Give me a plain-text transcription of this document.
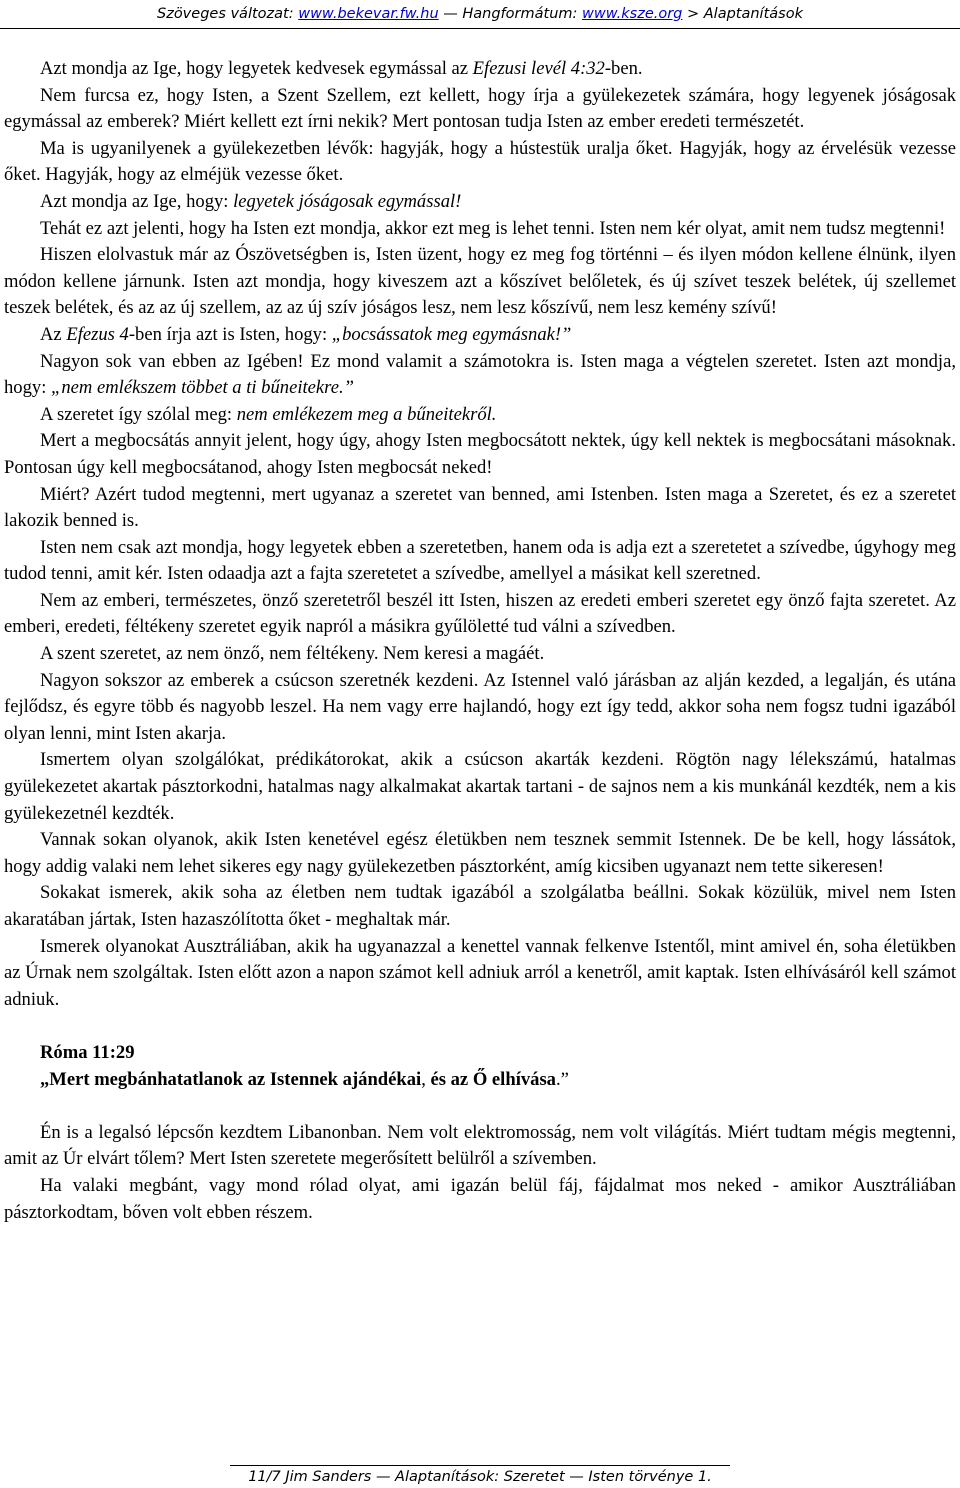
Szöveges változat: www.bekevar.fw.hu — Hangformátum: www.ksze.org > Alaptanítások

Azt mondja az Ige, hogy legyetek kedvesek egymással az Efezusi levél 4:32-ben.

Nem furcsa ez, hogy Isten, a Szent Szellem, ezt kellett, hogy írja a gyülekezetek számára, hogy legyenek jóságosak egymással az emberek? Miért kellett ezt írni nekik? Mert pontosan tudja Isten az ember eredeti természetét.

Ma is ugyanilyenek a gyülekezetben lévők: hagyják, hogy a hústestük uralja őket. Hagyják, hogy az érvelésük vezesse őket. Hagyják, hogy az elméjük vezesse őket.

Azt mondja az Ige, hogy: legyetek jóságosak egymással!

Tehát ez azt jelenti, hogy ha Isten ezt mondja, akkor ezt meg is lehet tenni. Isten nem kér olyat, amit nem tudsz megtenni!

Hiszen elolvastuk már az Ószövetségben is, Isten üzent, hogy ez meg fog történni – és ilyen módon kellene élnünk, ilyen módon kellene járnunk. Isten azt mondja, hogy kiveszem azt a kőszívet belőletek, és új szívet teszek belétek, új szellemet teszek belétek, és az az új szellem, az az új szív jóságos lesz, nem lesz kőszívű, nem lesz kemény szívű!

Az Efezus 4-ben írja azt is Isten, hogy: „bocsássatok meg egymásnak!”

Nagyon sok van ebben az Igében! Ez mond valamit a számotokra is. Isten maga a végtelen szeretet. Isten azt mondja, hogy: „nem emlékszem többet a ti bűneitekre.”

A szeretet így szólal meg: nem emlékezem meg a bűneitekről.

Mert a megbocsátás annyit jelent, hogy úgy, ahogy Isten megbocsátott nektek, úgy kell nektek is megbocsátani másoknak. Pontosan úgy kell megbocsátanod, ahogy Isten megbocsát neked!

Miért? Azért tudod megtenni, mert ugyanaz a szeretet van benned, ami Istenben. Isten maga a Szeretet, és ez a szeretet lakozik benned is.

Isten nem csak azt mondja, hogy legyetek ebben a szeretetben, hanem oda is adja ezt a szeretetet a szívedbe, úgyhogy meg tudod tenni, amit kér. Isten odaadja azt a fajta szeretetet a szívedbe, amellyel a másikat kell szeretned.

Nem az emberi, természetes, önző szeretetről beszél itt Isten, hiszen az eredeti emberi szeretet egy önző fajta szeretet. Az emberi, eredeti, féltékeny szeretet egyik napról a másikra gyűlöletté tud válni a szívedben.

A szent szeretet, az nem önző, nem féltékeny. Nem keresi a magáét.

Nagyon sokszor az emberek a csúcson szeretnék kezdeni. Az Istennel való járásban az alján kezded, a legalján, és utána fejlődsz, és egyre több és nagyobb leszel. Ha nem vagy erre hajlandó, hogy ezt így tedd, akkor soha nem fogsz tudni igazából olyan lenni, mint Isten akarja.

Ismertem olyan szolgálókat, prédikátorokat, akik a csúcson akarták kezdeni. Rögtön nagy lélekszámú, hatalmas gyülekezetet akartak pásztorkodni, hatalmas nagy alkalmakat akartak tartani - de sajnos nem a kis munkánál kezdték, nem a kis gyülekezetnél kezdték.

Vannak sokan olyanok, akik Isten kenetével egész életükben nem tesznek semmit Istennek. De be kell, hogy lássátok, hogy addig valaki nem lehet sikeres egy nagy gyülekezetben pásztorként, amíg kicsiben ugyanazt nem tette sikeresen!

Sokakat ismerek, akik soha az életben nem tudtak igazából a szolgálatba beállni. Sokak közülük, mivel nem Isten akaratában jártak, Isten hazaszólította őket - meghaltak már.

Ismerek olyanokat Ausztráliában, akik ha ugyanazzal a kenettel vannak felkenve Istentől, mint amivel én, soha életükben az Úrnak nem szolgáltak. Isten előtt azon a napon számot kell adniuk arról a kenetről, amit kaptak. Isten elhívásáról kell számot adniuk.

Róma 11:29

„Mert megbánhatatlanok az Istennek ajándékai, és az Ő elhívása.”

Én is a legalsó lépcsőn kezdtem Libanonban. Nem volt elektromosság, nem volt világítás. Miért tudtam mégis megtenni, amit az Úr elvárt tőlem? Mert Isten szeretete megerősített belülről a szívemben.

Ha valaki megbánt, vagy mond rólad olyat, ami igazán belül fáj, fájdalmat mos neked - amikor Ausztráliában pásztorkodtam, bőven volt ebben részem.

11/7 Jim Sanders — Alaptanítások: Szeretet — Isten törvénye 1.
